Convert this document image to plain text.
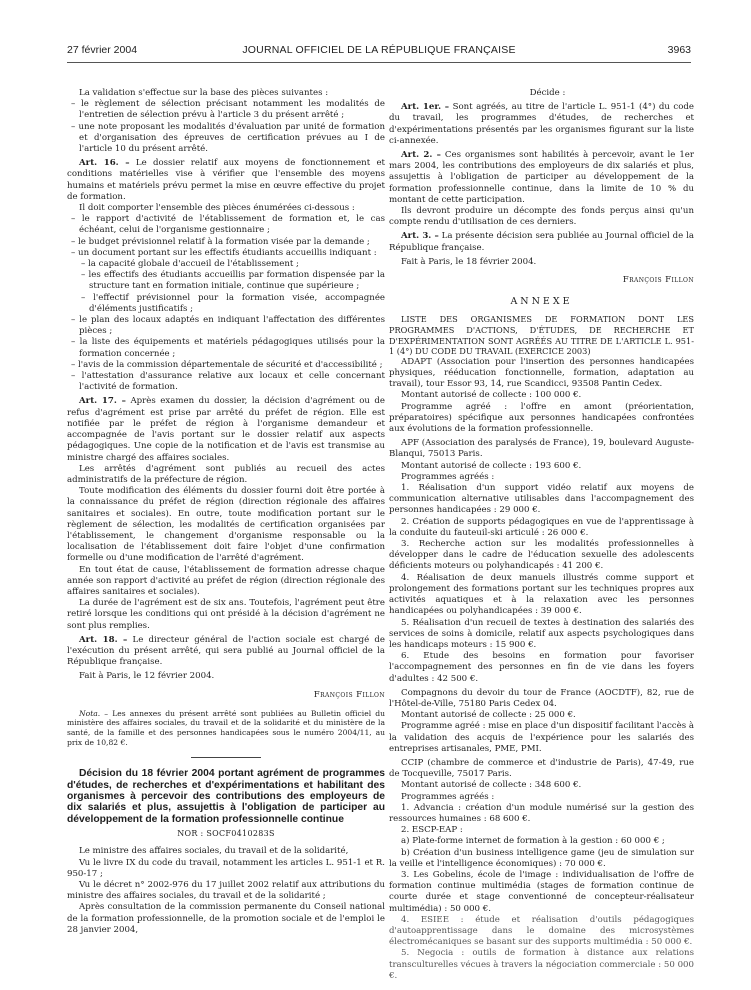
27 février 2004	JOURNAL OFFICIEL DE LA RÉPUBLIQUE FRANÇAISE	3963

La validation s'effectue sur la base des pièces suivantes :

– le règlement de sélection précisant notamment les modalités de l'entretien de sélection prévu à l'article 3 du présent arrêté ;
– une note proposant les modalités d'évaluation par unité de formation et d'organisation des épreuves de certification prévues au I de l'article 10 du présent arrêté.

Art. 16. – Le dossier relatif aux moyens de fonctionnement et conditions matérielles vise à vérifier que l'ensemble des moyens humains et matériels prévu permet la mise en œuvre effective du projet de formation.

Il doit comporter l'ensemble des pièces énumérées ci-dessous :

– le rapport d'activité de l'établissement de formation et, le cas échéant, celui de l'organisme gestionnaire ;
– le budget prévisionnel relatif à la formation visée par la demande ;
– un document portant sur les effectifs étudiants accueillis indiquant :
– la capacité globale d'accueil de l'établissement ;
– les effectifs des étudiants accueillis par formation dispensée par la structure tant en formation initiale, continue que supérieure ;
– l'effectif prévisionnel pour la formation visée, accompagnée d'éléments justificatifs ;
– le plan des locaux adaptés en indiquant l'affectation des différentes pièces ;
– la liste des équipements et matériels pédagogiques utilisés pour la formation concernée ;
– l'avis de la commission départementale de sécurité et d'accessibilité ;
– l'attestation d'assurance relative aux locaux et celle concernant l'activité de formation.

Art. 17. – Après examen du dossier, la décision d'agrément ou de refus d'agrément est prise par arrêté du préfet de région. Elle est notifiée par le préfet de région à l'organisme demandeur et accompagnée de l'avis portant sur le dossier relatif aux aspects pédagogiques. Une copie de la notification et de l'avis est transmise au ministre chargé des affaires sociales.

Les arrêtés d'agrément sont publiés au recueil des actes administratifs de la préfecture de région.

Toute modification des éléments du dossier fourni doit être portée à la connaissance du préfet de région (direction régionale des affaires sanitaires et sociales). En outre, toute modification portant sur le règlement de sélection, les modalités de certification organisées par l'établissement, le changement d'organisme responsable ou la localisation de l'établissement doit faire l'objet d'une confirmation formelle ou d'une modification de l'arrêté d'agrément.

En tout état de cause, l'établissement de formation adresse chaque année son rapport d'activité au préfet de région (direction régionale des affaires sanitaires et sociales).

La durée de l'agrément est de six ans. Toutefois, l'agrément peut être retiré lorsque les conditions qui ont présidé à la décision d'agrément ne sont plus remplies.

Art. 18. – Le directeur général de l'action sociale est chargé de l'exécution du présent arrêté, qui sera publié au Journal officiel de la République française.

Fait à Paris, le 12 février 2004.

François Fillon

Nota. – Les annexes du présent arrêté sont publiées au Bulletin officiel du ministère des affaires sociales, du travail et de la solidarité et du ministère de la santé, de la famille et des personnes handicapées sous le numéro 2004/11, au prix de 10,82 €.

Décision du 18 février 2004 portant agrément de programmes d'études, de recherches et d'expérimentations et habilitant des organismes à percevoir des contributions des employeurs de dix salariés et plus, assujettis à l'obligation de participer au développement de la formation professionnelle continue

NOR : SOCF0410283S

Le ministre des affaires sociales, du travail et de la solidarité,

Vu le livre IX du code du travail, notamment les articles L. 951-1 et R. 950-17 ;

Vu le décret n° 2002-976 du 17 juillet 2002 relatif aux attributions du ministre des affaires sociales, du travail et de la solidarité ;

Après consultation de la commission permanente du Conseil national de la formation professionnelle, de la promotion sociale et de l'emploi le 28 janvier 2004,

Décide :

Art. 1er. – Sont agréés, au titre de l'article L. 951-1 (4°) du code du travail, les programmes d'études, de recherches et d'expérimentations présentés par les organismes figurant sur la liste ci-annexée.

Art. 2. – Ces organismes sont habilités à percevoir, avant le 1er mars 2004, les contributions des employeurs de dix salariés et plus, assujettis à l'obligation de participer au développement de la formation professionnelle continue, dans la limite de 10 % du montant de cette participation.

Ils devront produire un décompte des fonds perçus ainsi qu'un compte rendu d'utilisation de ces derniers.

Art. 3. – La présente décision sera publiée au Journal officiel de la République française.

Fait à Paris, le 18 février 2004.

François Fillon
ANNEXE

LISTE DES ORGANISMES DE FORMATION DONT LES PROGRAMMES D'ACTIONS, D'ÉTUDES, DE RECHERCHE ET D'EXPÉRIMENTATION SONT AGRÉÉS AU TITRE DE L'ARTICLE L. 951-1 (4°) DU CODE DU TRAVAIL (EXERCICE 2003)

ADAPT (Association pour l'insertion des personnes handicapées physiques, rééducation fonctionnelle, formation, adaptation au travail), tour Essor 93, 14, rue Scandicci, 93508 Pantin Cedex.

Montant autorisé de collecte : 100 000 €.

Programme agréé : l'offre en amont (préorientation, préparatoires) spécifique aux personnes handicapées confrontées aux évolutions de la formation professionnelle.

APF (Association des paralysés de France), 19, boulevard Auguste-Blanqui, 75013 Paris.

Montant autorisé de collecte : 193 600 €.

Programmes agréés :

1. Réalisation d'un support vidéo relatif aux moyens de communication alternative utilisables dans l'accompagnement des personnes handicapées : 29 000 €.

2. Création de supports pédagogiques en vue de l'apprentissage à la conduite du fauteuil-ski articulé : 26 000 €.

3. Recherche action sur les modalités professionnelles à développer dans le cadre de l'éducation sexuelle des adolescents déficients moteurs ou polyhandicapés : 41 200 €.

4. Réalisation de deux manuels illustrés comme support et prolongement des formations portant sur les techniques propres aux activités aquatiques et à la relaxation avec les personnes handicapées ou polyhandicapées : 39 000 €.

5. Réalisation d'un recueil de textes à destination des salariés des services de soins à domicile, relatif aux aspects psychologiques dans les handicaps moteurs : 15 900 €.

6. Etude des besoins en formation pour favoriser l'accompagnement des personnes en fin de vie dans les foyers d'adultes : 42 500 €.

Compagnons du devoir du tour de France (AOCDTF), 82, rue de l'Hôtel-de-Ville, 75180 Paris Cedex 04.

Montant autorisé de collecte : 25 000 €.

Programme agréé : mise en place d'un dispositif facilitant l'accès à la validation des acquis de l'expérience pour les salariés des entreprises artisanales, PME, PMI.

CCIP (chambre de commerce et d'industrie de Paris), 47-49, rue de Tocqueville, 75017 Paris.

Montant autorisé de collecte : 348 600 €.

Programmes agréés :

1. Advancia : création d'un module numérisé sur la gestion des ressources humaines : 68 600 €.

2. ESCP-EAP :

a) Plate-forme internet de formation à la gestion : 60 000 € ;

b) Création d'un business intelligence game (jeu de simulation sur la veille et l'intelligence économiques) : 70 000 €.

3. Les Gobelins, école de l'image : individualisation de l'offre de formation continue multimédia (stages de formation continue de courte durée et stage conventionné de concepteur-réalisateur multimédia) : 50 000 €.

4. ESIEE : étude et réalisation d'outils pédagogiques d'autoapprentissage dans le domaine des microsystèmes électromécaniques se basant sur des supports multimédia : 50 000 €.

5. Negocia : outils de formation à distance aux relations transculturelles vécues à travers la négociation commerciale : 50 000 €.
